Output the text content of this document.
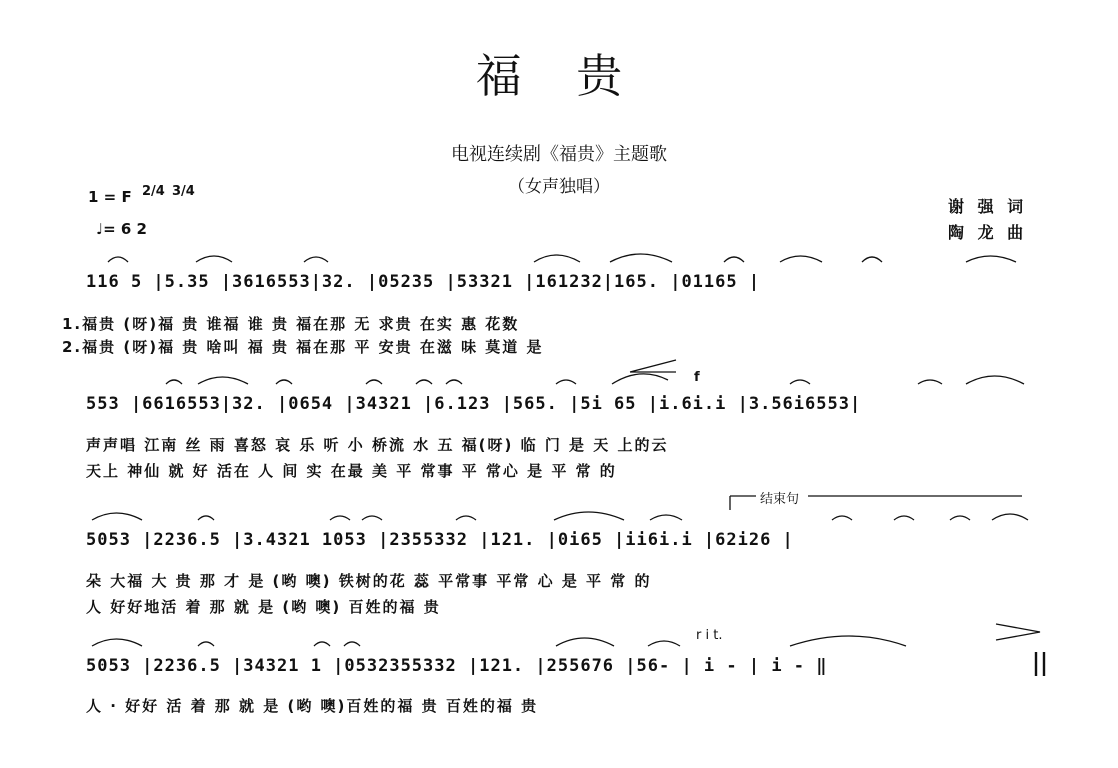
福 贵
电视连续剧《福贵》主题歌
（女声独唱）
1 = F 2/4 3/4
♩= 6 2
谢 强 词
陶 龙 曲
116 5 |5.35 |3616553|32. |05235 |53321 |161232|165. |01165 |
1.福贵 (呀)福 贵 谁福 谁 贵 福在那 无 求贵 在实 惠 花数
2.福贵 (呀)福 贵 啥叫 福 贵 福在那 平 安贵 在滋 味 莫道 是
553 |6616553|32. |0654 |34321 |6.123 |565. |5i 65 |i.6i.i |3.56i6553|
声声唱 江南 丝 雨 喜怒 哀 乐 听 小 桥流 水 五 福(呀) 临 门 是 天 上的云
天上 神仙 就 好 活在 人 间 实 在最 美 平 常事 平 常心 是 平 常 的
f
结束句
5053 |2236.5 |3.4321 1053 |2355332 |121. |0i65 |ii6i.i |62i26 |
朵 大福 大 贵 那 才 是 (哟 噢) 铁树的花 蕊 平常事 平常 心 是 平 常 的
人 好好地活 着 那 就 是 (哟 噢) 百姓的福 贵
r i t.
5053 |2236.5 |34321 1 |0532355332 |121. |255676 |56- | i - | i - ‖
人 · 好好 活 着 那 就 是 (哟 噢)百姓的福 贵 百姓的福 贵
